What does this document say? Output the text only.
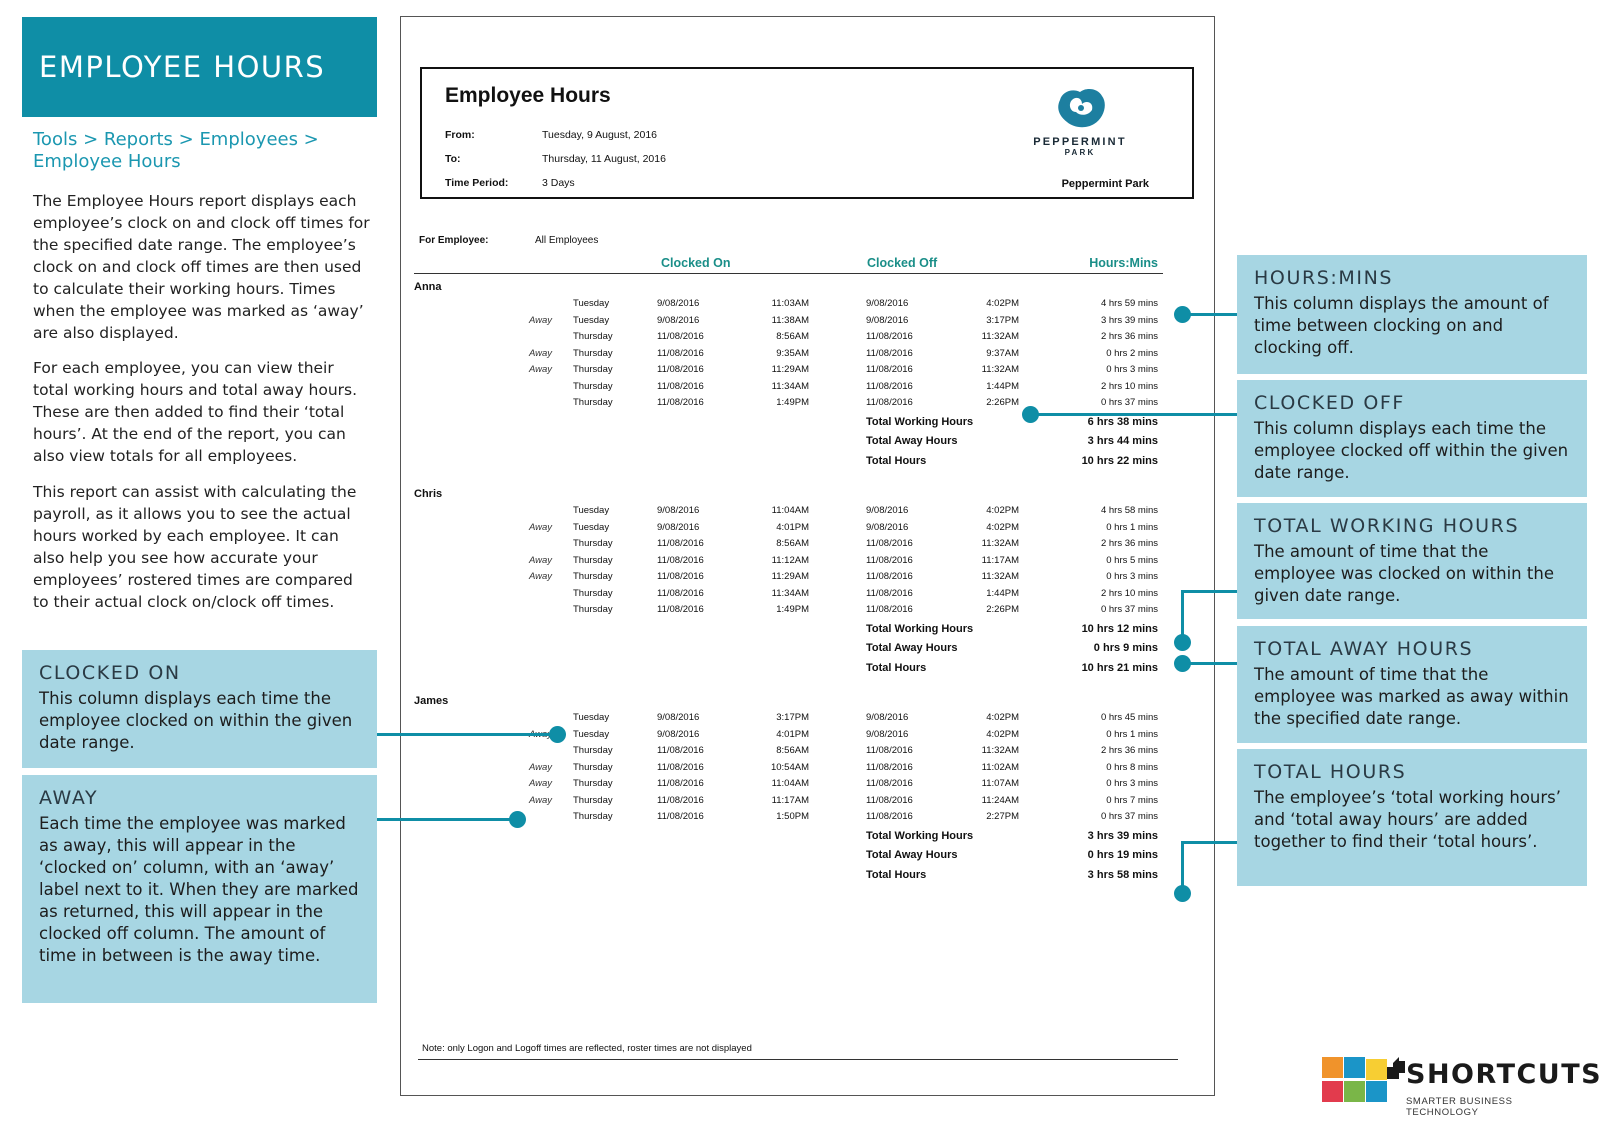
EMPLOYEE HOURS
Tools > Reports > Employees > Employee Hours

The Employee Hours report displays each employee’s clock on and clock off times for the specified date range. The employee’s clock on and clock off times are then used to calculate their working hours. Times when the employee was marked as ‘away’ are also displayed.

For each employee, you can view their total working hours and total away hours. These are then added to find their ‘total hours’. At the end of the report, you can also view totals for all employees.

This report can assist with calculating the payroll, as it allows you to see the actual hours worked by each employee. It can also help you see how accurate your employees’ rostered times are compared to their actual clock on/clock off times.

CLOCKED ON
This column displays each time the employee clocked on within the given date range.
AWAY
Each time the employee was marked as away, this will appear in the ‘clocked on’ column, with an ‘away’ label next to it. When they are marked as returned, this will appear in the clocked off column. The amount of time in between is the away time.
HOURS:MINS
This column displays the amount of time between clocking on and clocking off.
CLOCKED OFF
This column displays each time the employee clocked off within the given date range.
TOTAL WORKING HOURS
The amount of time that the employee was clocked on within the given date range.
TOTAL AWAY HOURS
The amount of time that the employee was marked as away within the specified date range.
TOTAL HOURS
The employee’s ‘total working hours’ and ‘total away hours’ are added together to find their ‘total hours’.
Employee Hours
From:	Tuesday, 9 August, 2016
To:	Thursday, 11 August, 2016
Time Period:	3 Days
PEPPERMINT
PARK
Peppermint Park
For Employee:	All Employees
Clocked On	Clocked Off	Hours:Mins
Anna
Tuesday	9/08/2016	11:03AM	9/08/2016	4:02PM	4 hrs 59 mins
Away Tuesday	9/08/2016	11:38AM	9/08/2016	3:17PM	3 hrs 39 mins
Thursday	11/08/2016	8:56AM	11/08/2016	11:32AM	2 hrs 36 mins
Away Thursday	11/08/2016	9:35AM	11/08/2016	9:37AM	0 hrs 2 mins
Away Thursday	11/08/2016	11:29AM	11/08/2016	11:32AM	0 hrs 3 mins
Thursday	11/08/2016	11:34AM	11/08/2016	1:44PM	2 hrs 10 mins
Thursday	11/08/2016	1:49PM	11/08/2016	2:26PM	0 hrs 37 mins
Total Working Hours	6 hrs 38 mins
Total Away Hours	3 hrs 44 mins
Total Hours	10 hrs 22 mins
Chris
Tuesday	9/08/2016	11:04AM	9/08/2016	4:02PM	4 hrs 58 mins
Away Tuesday	9/08/2016	4:01PM	9/08/2016	4:02PM	0 hrs 1 mins
Thursday	11/08/2016	8:56AM	11/08/2016	11:32AM	2 hrs 36 mins
Away Thursday	11/08/2016	11:12AM	11/08/2016	11:17AM	0 hrs 5 mins
Away Thursday	11/08/2016	11:29AM	11/08/2016	11:32AM	0 hrs 3 mins
Thursday	11/08/2016	11:34AM	11/08/2016	1:44PM	2 hrs 10 mins
Thursday	11/08/2016	1:49PM	11/08/2016	2:26PM	0 hrs 37 mins
Total Working Hours	10 hrs 12 mins
Total Away Hours	0 hrs 9 mins
Total Hours	10 hrs 21 mins
James
Tuesday	9/08/2016	3:17PM	9/08/2016	4:02PM	0 hrs 45 mins
Tuesday	9/08/2016	4:01PM	9/08/2016	4:02PM	0 hrs 1 mins
Thursday	11/08/2016	8:56AM	11/08/2016	11:32AM	2 hrs 36 mins
Away Thursday	11/08/2016	10:54AM	11/08/2016	11:02AM	0 hrs 8 mins
Away Thursday	11/08/2016	11:04AM	11/08/2016	11:07AM	0 hrs 3 mins
Away Thursday	11/08/2016	11:17AM	11/08/2016	11:24AM	0 hrs 7 mins
Thursday	11/08/2016	1:50PM	11/08/2016	2:27PM	0 hrs 37 mins
Total Working Hours	3 hrs 39 mins
Total Away Hours	0 hrs 19 mins
Total Hours	3 hrs 58 mins
Note: only Logon and Logoff times are reflected, roster times are not displayed
SHORTCUTS
SMARTER BUSINESS TECHNOLOGY
